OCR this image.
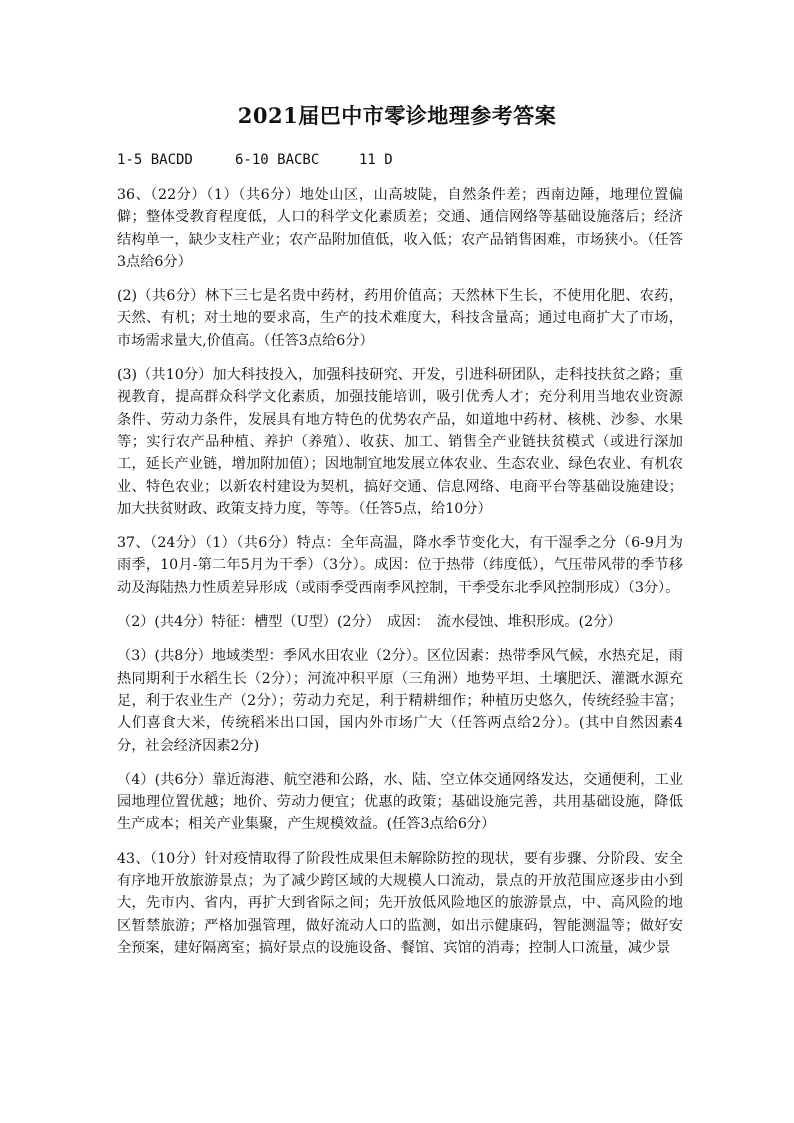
2021届巴中市零诊地理参考答案
1-5 BACDD	6-10 BACBC	11 D

36、（22分）（1）（共6分）地处山区，山高坡陡，自然条件差；西南边陲，地理位置偏僻；整体受教育程度低，人口的科学文化素质差；交通、通信网络等基础设施落后；经济结构单一，缺少支柱产业；农产品附加值低，收入低；农产品销售困难，市场狭小。（任答3点给6分）

(2)（共6分）林下三七是名贵中药材，药用价值高；天然林下生长，不使用化肥、农药，天然、有机；对土地的要求高，生产的技术难度大，科技含量高；通过电商扩大了市场，市场需求量大,价值高。（任答3点给6分）

(3)（共10分）加大科技投入，加强科技研究、开发，引进科研团队，走科技扶贫之路；重视教育，提高群众科学文化素质，加强技能培训，吸引优秀人才；充分利用当地农业资源条件、劳动力条件，发展具有地方特色的优势农产品，如道地中药材、核桃、沙参、水果等；实行农产品种植、养护（养殖）、收获、加工、销售全产业链扶贫模式（或进行深加工，延长产业链，增加附加值）；因地制宜地发展立体农业、生态农业、绿色农业、有机农业、特色农业；以新农村建设为契机，搞好交通、信息网络、电商平台等基础设施建设；加大扶贫财政、政策支持力度，等等。（任答5点，给10分）

37、（24分）（1）（共6分）特点：全年高温，降水季节变化大，有干湿季之分（6-9月为雨季，10月-第二年5月为干季）（3分）。成因：位于热带（纬度低），气压带风带的季节移动及海陆热力性质差异形成（或雨季受西南季风控制，干季受东北季风控制形成）（3分）。

（2）(共4分）特征：槽型（U型）(2分）　成因：　流水侵蚀、堆积形成。(2分）

（3）(共8分）地域类型：季风水田农业（2分）。区位因素：热带季风气候，水热充足，雨热同期利于水稻生长（2分）；河流冲积平原（三角洲）地势平坦、土壤肥沃、灌溉水源充足，利于农业生产（2分）；劳动力充足，利于精耕细作；种植历史悠久，传统经验丰富；人们喜食大米，传统稻米出口国，国内外市场广大（任答两点给2分）。(其中自然因素4分，社会经济因素2分)

（4）(共6分）靠近海港、航空港和公路，水、陆、空立体交通网络发达，交通便利，工业园地理位置优越；地价、劳动力便宜；优惠的政策；基础设施完善，共用基础设施，降低生产成本；相关产业集聚，产生规模效益。(任答3点给6分）

43、（10分）针对疫情取得了阶段性成果但未解除防控的现状，要有步骤、分阶段、安全有序地开放旅游景点；为了减少跨区域的大规模人口流动，景点的开放范围应逐步由小到大，先市内、省内，再扩大到省际之间；先开放低风险地区的旅游景点，中、高风险的地区暂禁旅游；严格加强管理，做好流动人口的监测，如出示健康码，智能测温等；做好安全预案，建好隔离室；搞好景点的设施设备、餐馆、宾馆的消毒；控制人口流量，减少景
